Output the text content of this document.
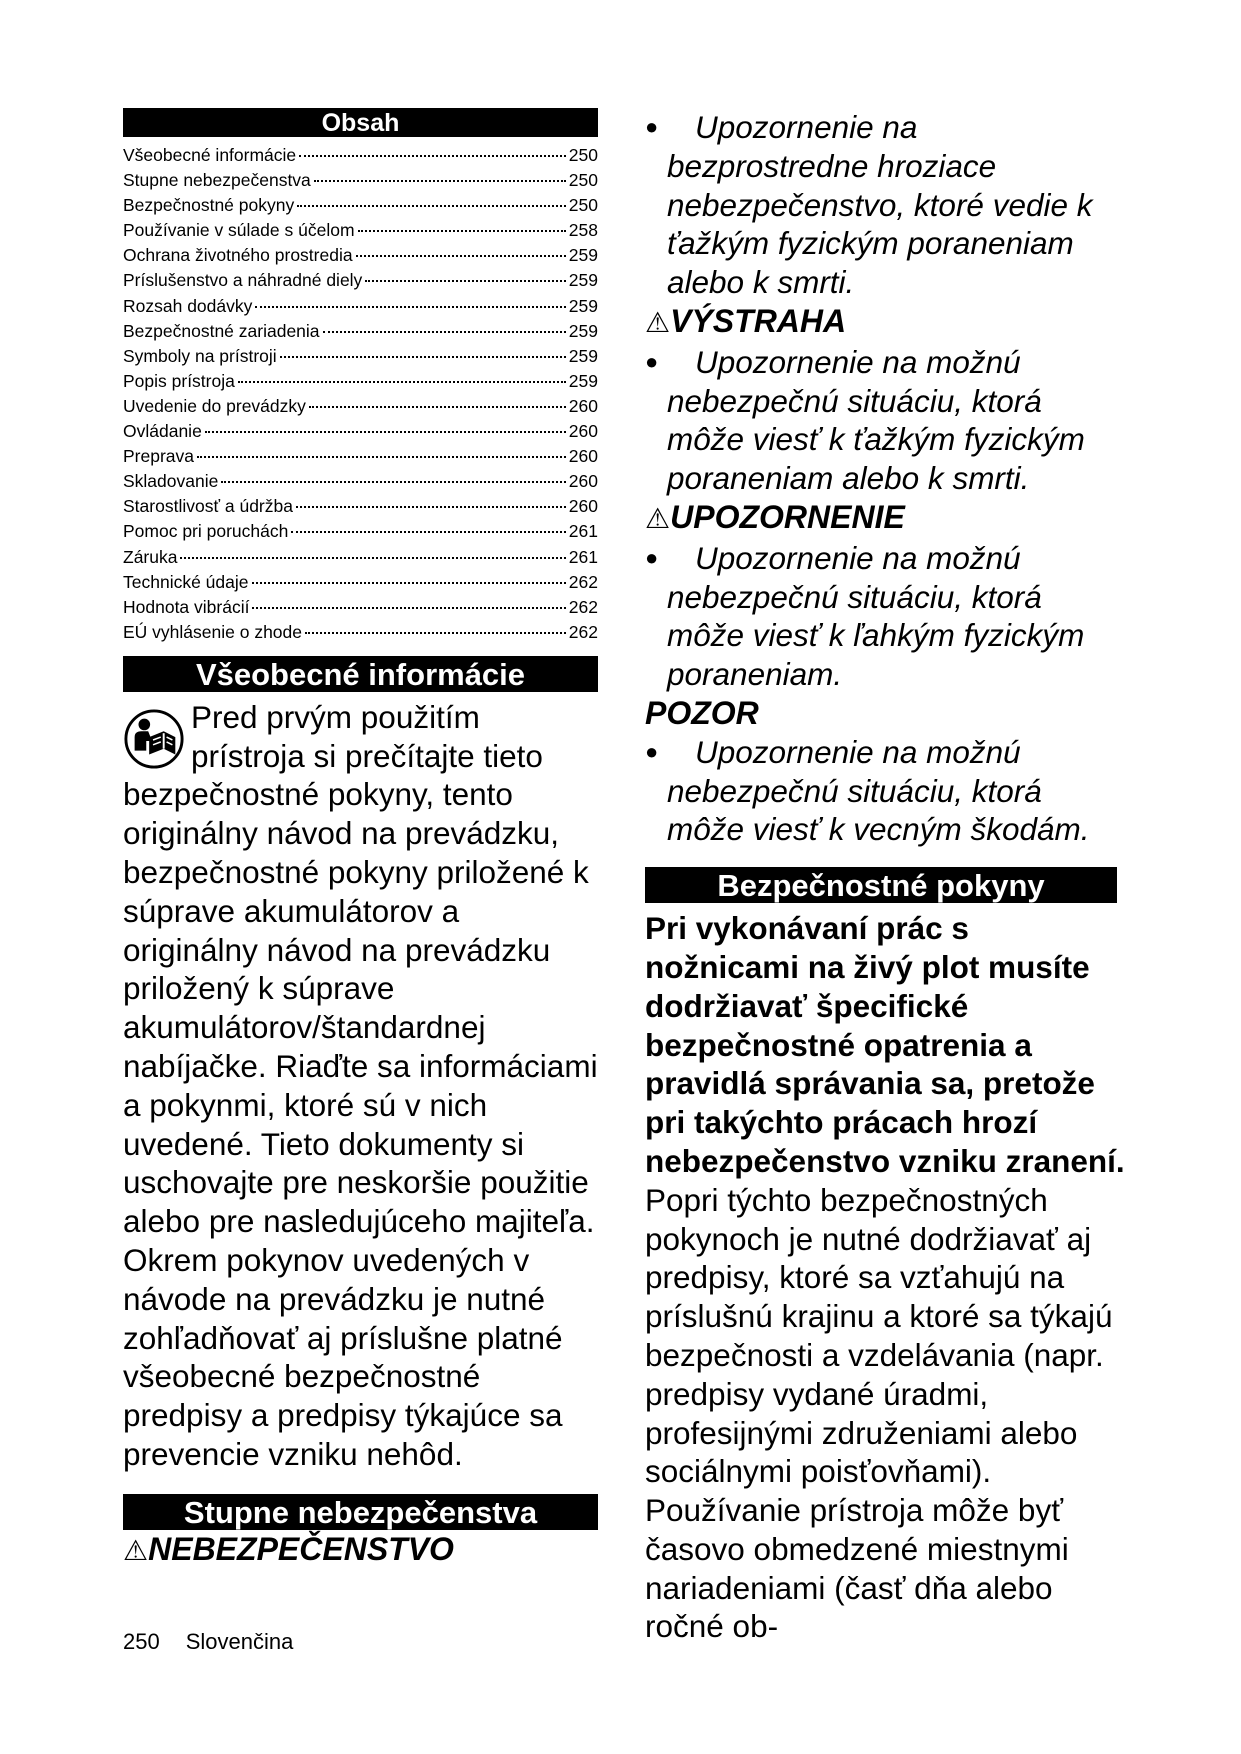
Obsah
Všeobecné informácie	250
Stupne nebezpečenstva	250
Bezpečnostné pokyny	250
Používanie v súlade s účelom	258
Ochrana životného prostredia	259
Príslušenstvo a náhradné diely	259
Rozsah dodávky	259
Bezpečnostné zariadenia	259
Symboly na prístroji	259
Popis prístroja	259
Uvedenie do prevádzky	260
Ovládanie	260
Preprava	260
Skladovanie	260
Starostlivosť a údržba	260
Pomoc pri poruchách	261
Záruka	261
Technické údaje	262
Hodnota vibrácií	262
EÚ vyhlásenie o zhode	262
Všeobecné informácie

Pred prvým použitím prístroja si prečítajte tieto bezpečnostné pokyny, tento originálny návod na prevádzku, bezpečnostné pokyny priložené k súprave akumulátorov a originálny návod na prevádzku priložený k súprave akumulátorov/štandardnej nabíjačke. Riaďte sa informáciami a pokynmi, ktoré sú v nich uvedené. Tieto dokumenty si uschovajte pre neskoršie použitie alebo pre nasledujúceho majiteľa.

Okrem pokynov uvedených v návode na prevádzku je nutné zohľadňovať aj príslušne platné všeobecné bezpečnostné predpisy a predpisy týkajúce sa prevencie vzniku nehôd.

Stupne nebezpečenstva

⚠NEBEZPEČENSTVO

● Upozornenie na bezprostredne hroziace nebezpečenstvo, ktoré vedie k ťažkým fyzickým poraneniam alebo k smrti.

⚠VÝSTRAHA

● Upozornenie na možnú nebezpečnú situáciu, ktorá môže viesť k ťažkým fyzickým poraneniam alebo k smrti.

⚠UPOZORNENIE

● Upozornenie na možnú nebezpečnú situáciu, ktorá môže viesť k ľahkým fyzickým poraneniam.

POZOR

● Upozornenie na možnú nebezpečnú situáciu, ktorá môže viesť k vecným škodám.

Bezpečnostné pokyny

Pri vykonávaní prác s nožnicami na živý plot musíte dodržiavať špecifické bezpečnostné opatrenia a pravidlá správania sa, pretože pri takýchto prácach hrozí nebezpečenstvo vzniku zranení.

Popri týchto bezpečnostných pokynoch je nutné dodržiavať aj predpisy, ktoré sa vzťahujú na príslušnú krajinu a ktoré sa týkajú bezpečnosti a vzdelávania (napr. predpisy vydané úradmi, profesijnými združeniami alebo sociálnymi poisťovňami). Používanie prístroja môže byť časovo obmedzené miestnymi nariadeniami (časť dňa alebo ročné ob-

250 Slovenčina
